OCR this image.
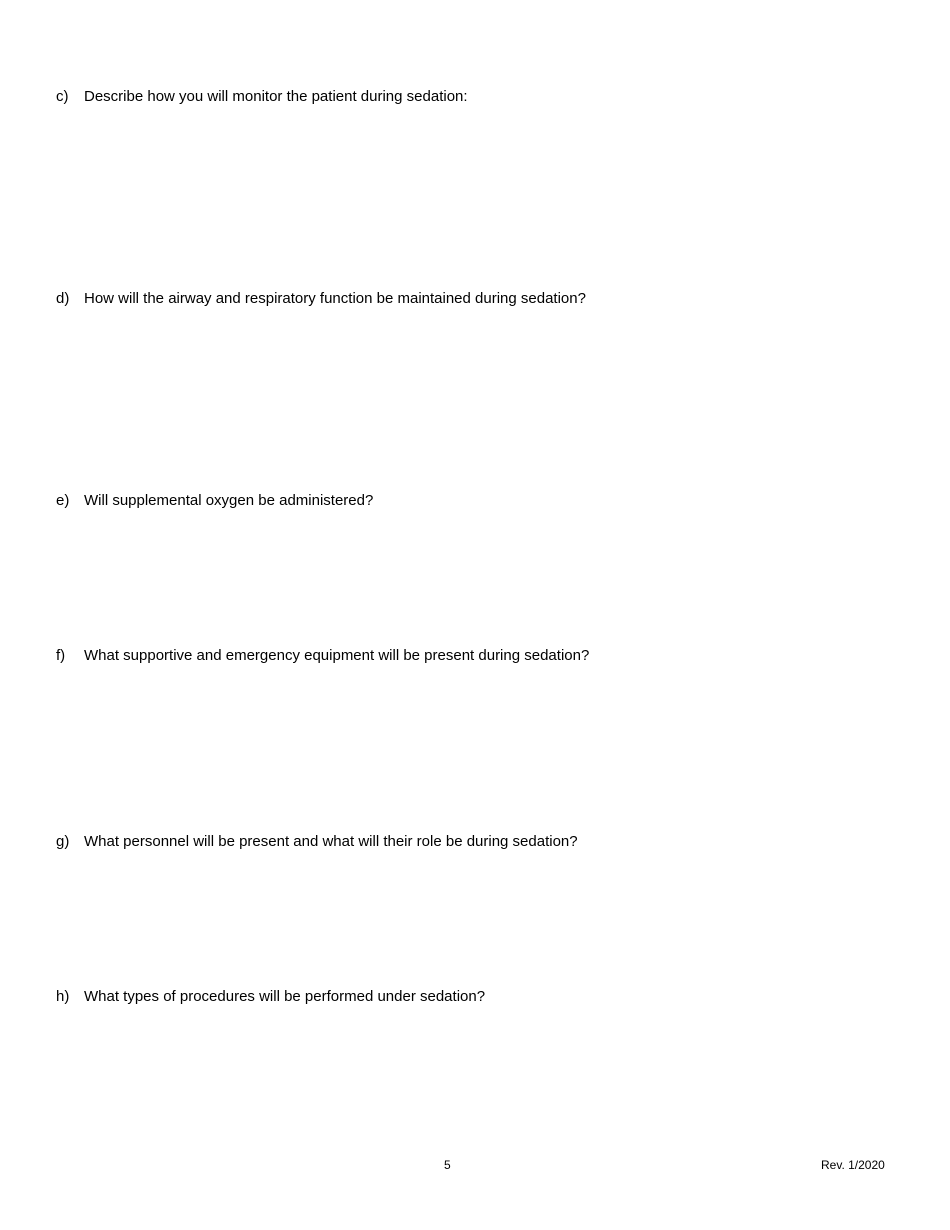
c) Describe how you will monitor the patient during sedation:
d) How will the airway and respiratory function be maintained during sedation?
e) Will supplemental oxygen be administered?
f) What supportive and emergency equipment will be present during sedation?
g) What personnel will be present and what will their role be during sedation?
h) What types of procedures will be performed under sedation?
5	Rev. 1/2020
